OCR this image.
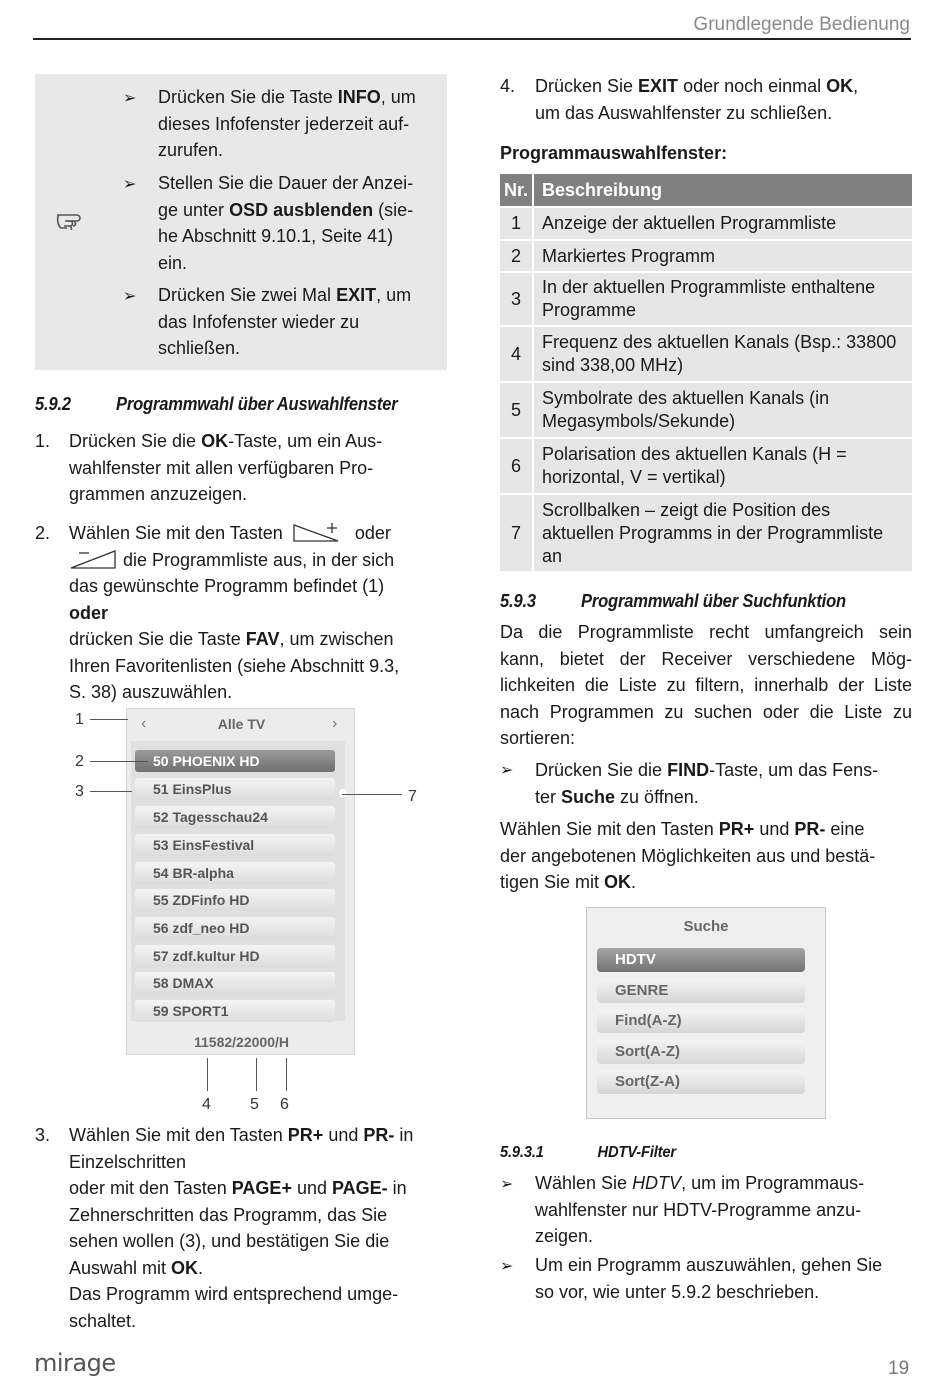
Grundlegende Bedienung
➢ Drücken Sie die Taste INFO, um
dieses Infofenster jederzeit auf-
zurufen.
➢ Stellen Sie die Dauer der Anzei-
ge unter OSD ausblenden (sie-
he Abschnitt 9.10.1, Seite 41)
ein.
➢ Drücken Sie zwei Mal EXIT, um
das Infofenster wieder zu
schließen.
5.9.2	Programmwahl über Auswahlfenster
1. Drücken Sie die OK-Taste, um ein Aus-
wahlfenster mit allen verfügbaren Pro-
grammen anzuzeigen.
2. Wählen Sie mit den Tasten	oder
die Programmliste aus, in der sich
das gewünschte Programm befindet (1)
oder
drücken Sie die Taste FAV, um zwischen
Ihren Favoritenlisten (siehe Abschnitt 9.3,
S. 38) auszuwählen.
‹	Alle TV	›
50 PHOENIX HD
51 EinsPlus
52 Tagesschau24
53 EinsFestival
54 BR-alpha
55 ZDFinfo HD
56 zdf_neo HD
57 zdf.kultur HD
58 DMAX
59 SPORT1
11582/22000/H
1
2
3	7
4 5 6
3. Wählen Sie mit den Tasten PR+ und PR- in
Einzelschritten
oder mit den Tasten PAGE+ und PAGE- in
Zehnerschritten das Programm, das Sie
sehen wollen (3), und bestätigen Sie die
Auswahl mit OK.
Das Programm wird entsprechend umge-
schaltet.
4. Drücken Sie EXIT oder noch einmal OK,
um das Auswahlfenster zu schließen.
Programmauswahlfenster:
Nr.	Beschreibung
1	Anzeige der aktuellen Programmliste
2	Markiertes Programm
3	In der aktuellen Programmliste enthaltene Programme
4	Frequenz des aktuellen Kanals (Bsp.: 33800 sind 338,00 MHz)
5	Symbolrate des aktuellen Kanals (in Megasymbols/Sekunde)
6	Polarisation des aktuellen Kanals (H = horizontal, V = vertikal)
7	Scrollbalken – zeigt die Position des aktuellen Programms in der Programmliste an
5.9.3	Programmwahl über Suchfunktion
Da die Programmliste recht umfangreich sein
kann, bietet der Receiver verschiedene Mög-
lichkeiten die Liste zu filtern, innerhalb der Liste
nach Programmen zu suchen oder die Liste zu
sortieren:
➢ Drücken Sie die FIND-Taste, um das Fens-
ter Suche zu öffnen.
Wählen Sie mit den Tasten PR+ und PR- eine
der angebotenen Möglichkeiten aus und bestä-
tigen Sie mit OK.
Suche
HDTV
GENRE
Find(A-Z)
Sort(A-Z)
Sort(Z-A)
5.9.3.1	HDTV-Filter
➢ Wählen Sie HDTV, um im Programmaus-
wahlfenster nur HDTV-Programme anzu-
zeigen.
➢ Um ein Programm auszuwählen, gehen Sie
so vor, wie unter 5.9.2 beschrieben.
mirage	19
